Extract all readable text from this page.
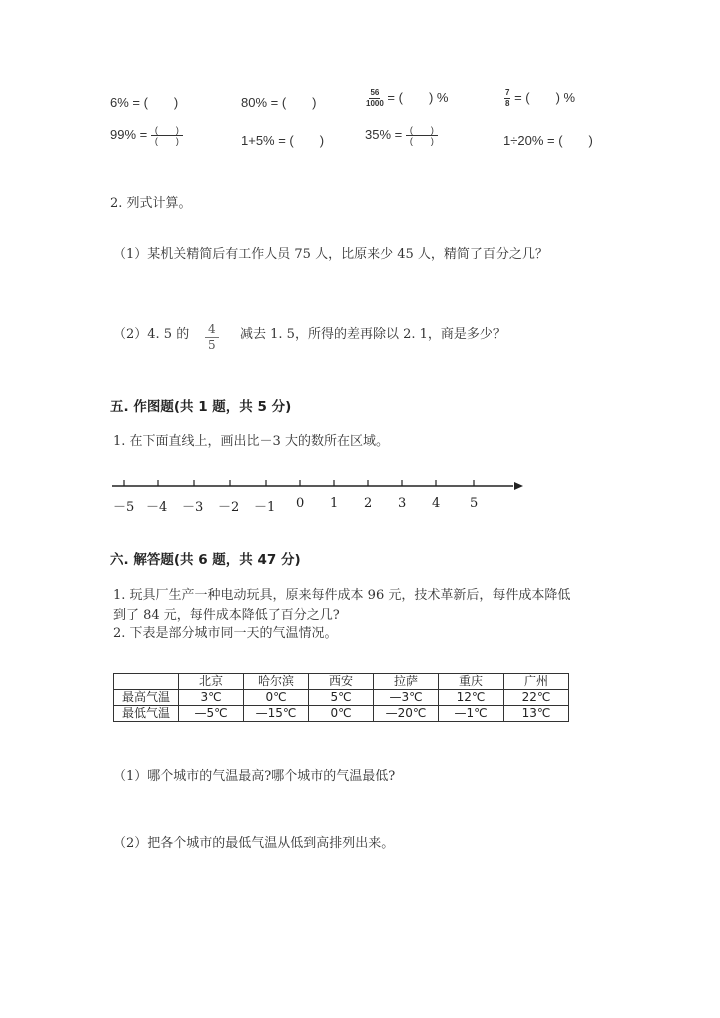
6% = (　　)	80% = (　　)	$\frac{56}{1000}$ = (　　) %	$\frac{7}{8}$ = (　　) %
$99\% = \frac{( )}{( )}$	1+5% = (　　)	$35\% = \frac{( )}{( )}$	1÷20% = (　　)
2. 列式计算。
（1）某机关精简后有工作人员 75 人，比原来少 45 人，精简了百分之几？
（2）4. 5 的 $\frac{4}{5}$ 减去 1. 5，所得的差再除以 2. 1，商是多少？
五. 作图题(共 1 题，共 5 分)
1. 在下面直线上，画出比－3 大的数所在区域。
－5 －4 －3 －2 －1 0 1 2 3 4 5
六. 解答题(共 6 题，共 47 分)
1. 玩具厂生产一种电动玩具，原来每件成本 96 元，技术革新后，每件成本降低
到了 84 元，每件成本降低了百分之几?
2. 下表是部分城市同一天的气温情况。
	北京	哈尔滨	西安	拉萨	重庆	广州
最高气温	3℃	0℃	5℃	—3℃	12℃	22℃
最低气温	—5℃	—15℃	0℃	—20℃	—1℃	13℃
（1）哪个城市的气温最高?哪个城市的气温最低?
（2）把各个城市的最低气温从低到高排列出来。
